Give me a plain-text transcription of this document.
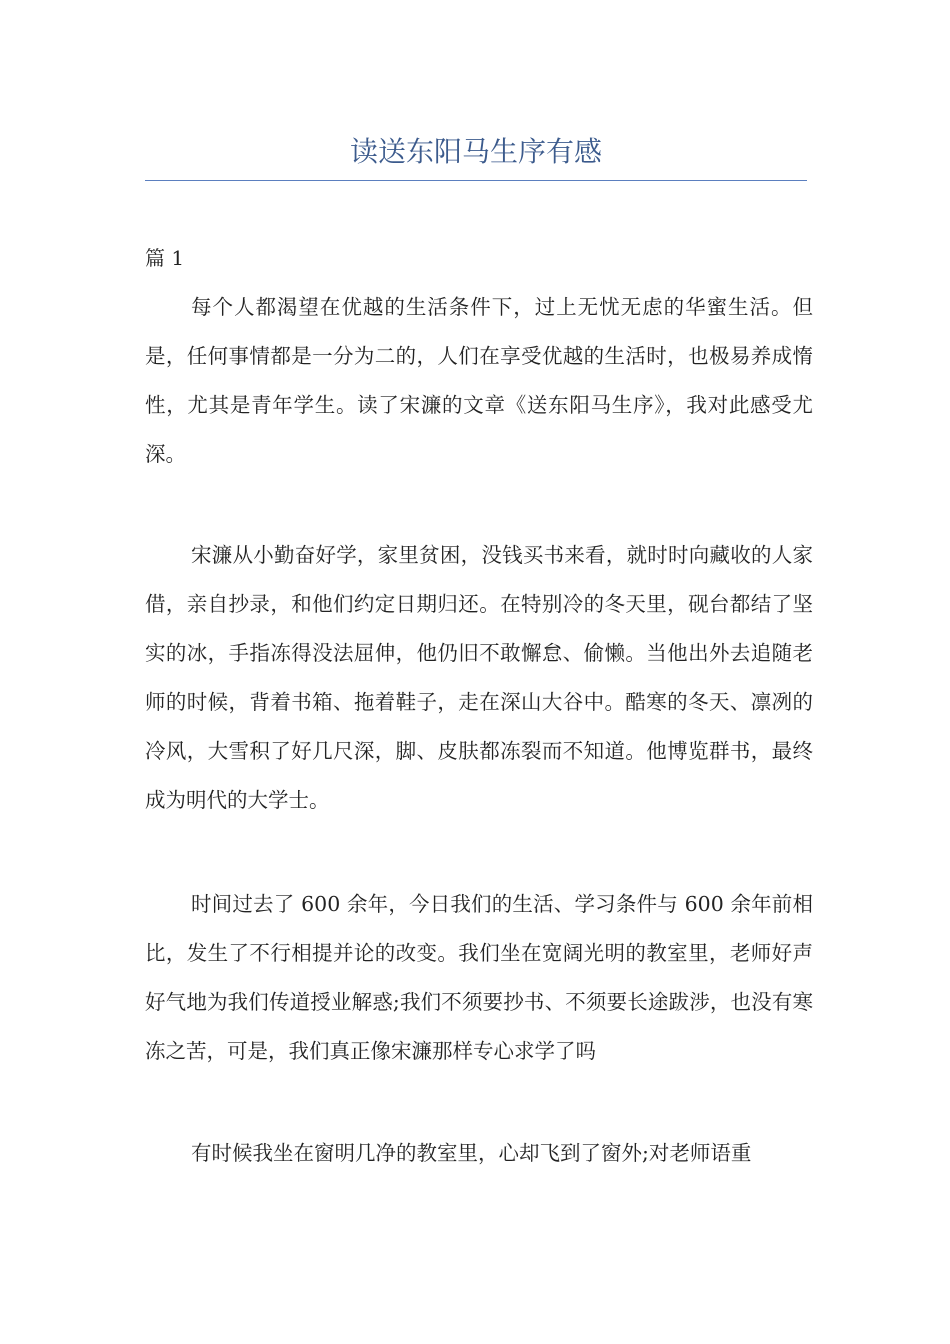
读送东阳马生序有感

篇 1

每个人都渴望在优越的生活条件下，过上无忧无虑的华蜜生活。但是，任何事情都是一分为二的，人们在享受优越的生活时，也极易养成惰性，尤其是青年学生。读了宋濂的文章《送东阳马生序》，我对此感受尤深。

宋濂从小勤奋好学，家里贫困，没钱买书来看，就时时向藏收的人家借，亲自抄录，和他们约定日期归还。在特别冷的冬天里，砚台都结了坚实的冰，手指冻得没法屈伸，他仍旧不敢懈怠、偷懒。当他出外去追随老师的时候，背着书箱、拖着鞋子，走在深山大谷中。酷寒的冬天、凛冽的冷风，大雪积了好几尺深，脚、皮肤都冻裂而不知道。他博览群书，最终成为明代的大学士。

时间过去了 600 余年，今日我们的生活、学习条件与 600 余年前相比，发生了不行相提并论的改变。我们坐在宽阔光明的教室里，老师好声好气地为我们传道授业解惑;我们不须要抄书、不须要长途跋涉，也没有寒冻之苦，可是，我们真正像宋濂那样专心求学了吗

有时候我坐在窗明几净的教室里，心却飞到了窗外;对老师语重
